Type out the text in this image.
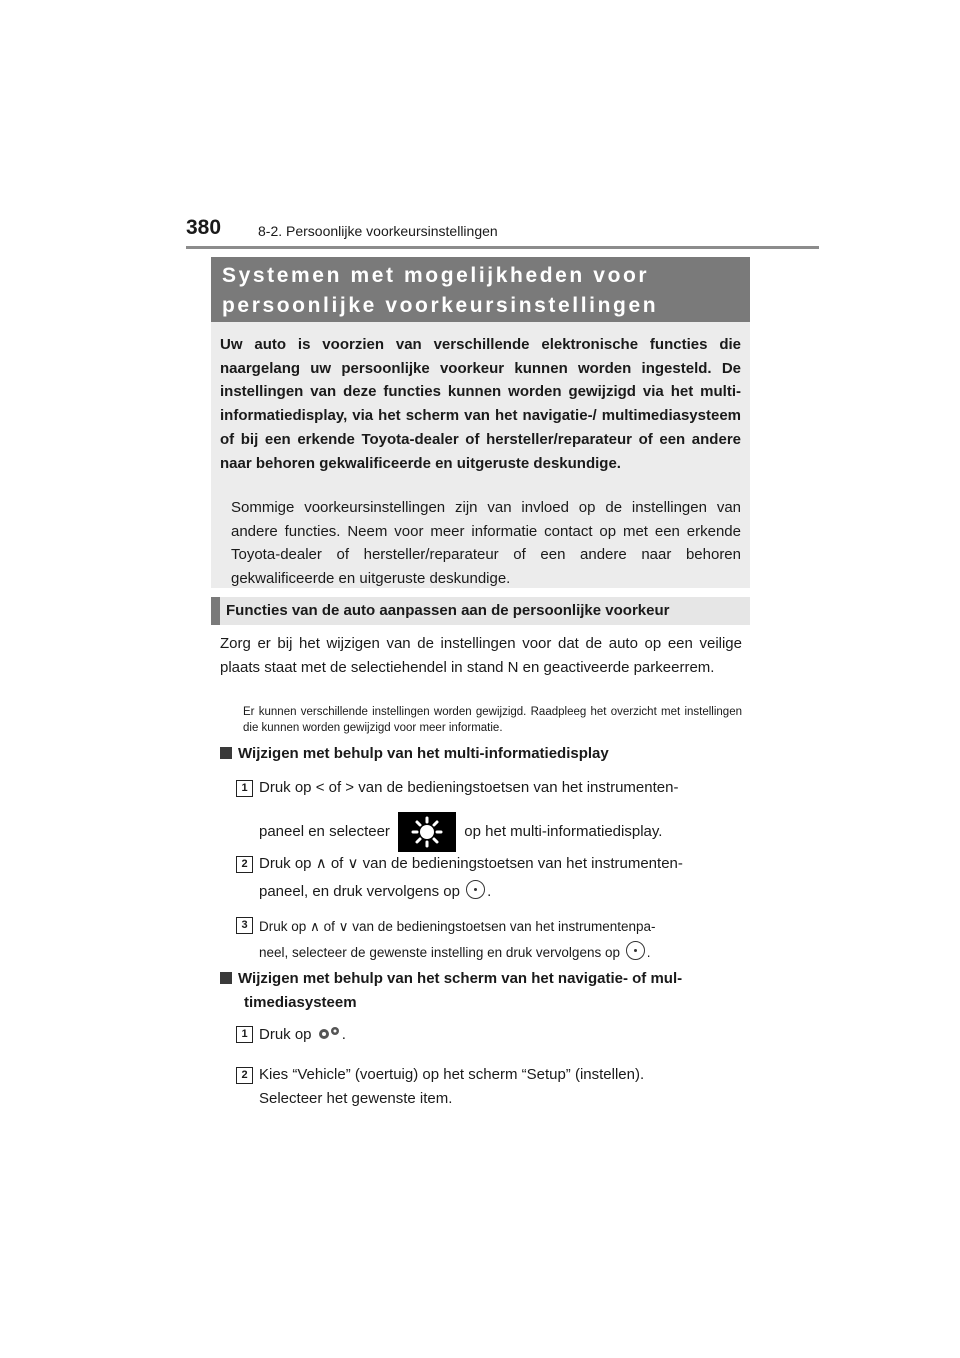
380	8-2. Persoonlijke voorkeursinstellingen
Systemen met mogelijkheden voor
persoonlijke voorkeursinstellingen
Uw auto is voorzien van verschillende elektronische functies die naargelang uw persoonlijke voorkeur kunnen worden ingesteld. De instellingen van deze functies kunnen worden gewijzigd via het multi-informatiedisplay, via het scherm van het navigatie-/ multimediasysteem of bij een erkende Toyota-dealer of hersteller/reparateur of een andere naar behoren gekwalificeerde en uitgeruste deskundige.
Sommige voorkeursinstellingen zijn van invloed op de instellingen van andere functies. Neem voor meer informatie contact op met een erkende Toyota-dealer of hersteller/reparateur of een andere naar behoren gekwalificeerde en uitgeruste deskundige.
Functies van de auto aanpassen aan de persoonlijke voorkeur
Zorg er bij het wijzigen van de instellingen voor dat de auto op een veilige plaats staat met de selectiehendel in stand N en geactiveerde parkeerrem.
Er kunnen verschillende instellingen worden gewijzigd. Raadpleeg het overzicht met instellingen die kunnen worden gewijzigd voor meer informatie.
Wijzigen met behulp van het multi-informatiedisplay
1 Druk op < of > van de bedieningstoetsen van het instrumenten-
paneel en selecteer	op het multi-informatiedisplay.
2 Druk op ∧ of ∨ van de bedieningstoetsen van het instrumenten-
paneel, en druk vervolgens op .
3 Druk op ∧ of ∨ van de bedieningstoetsen van het instrumentenpa-
neel, selecteer de gewenste instelling en druk vervolgens op .
Wijzigen met behulp van het scherm van het navigatie- of mul-
timediasysteem
1 Druk op .
2 Kies “Vehicle” (voertuig) op het scherm “Setup” (instellen).
Selecteer het gewenste item.
